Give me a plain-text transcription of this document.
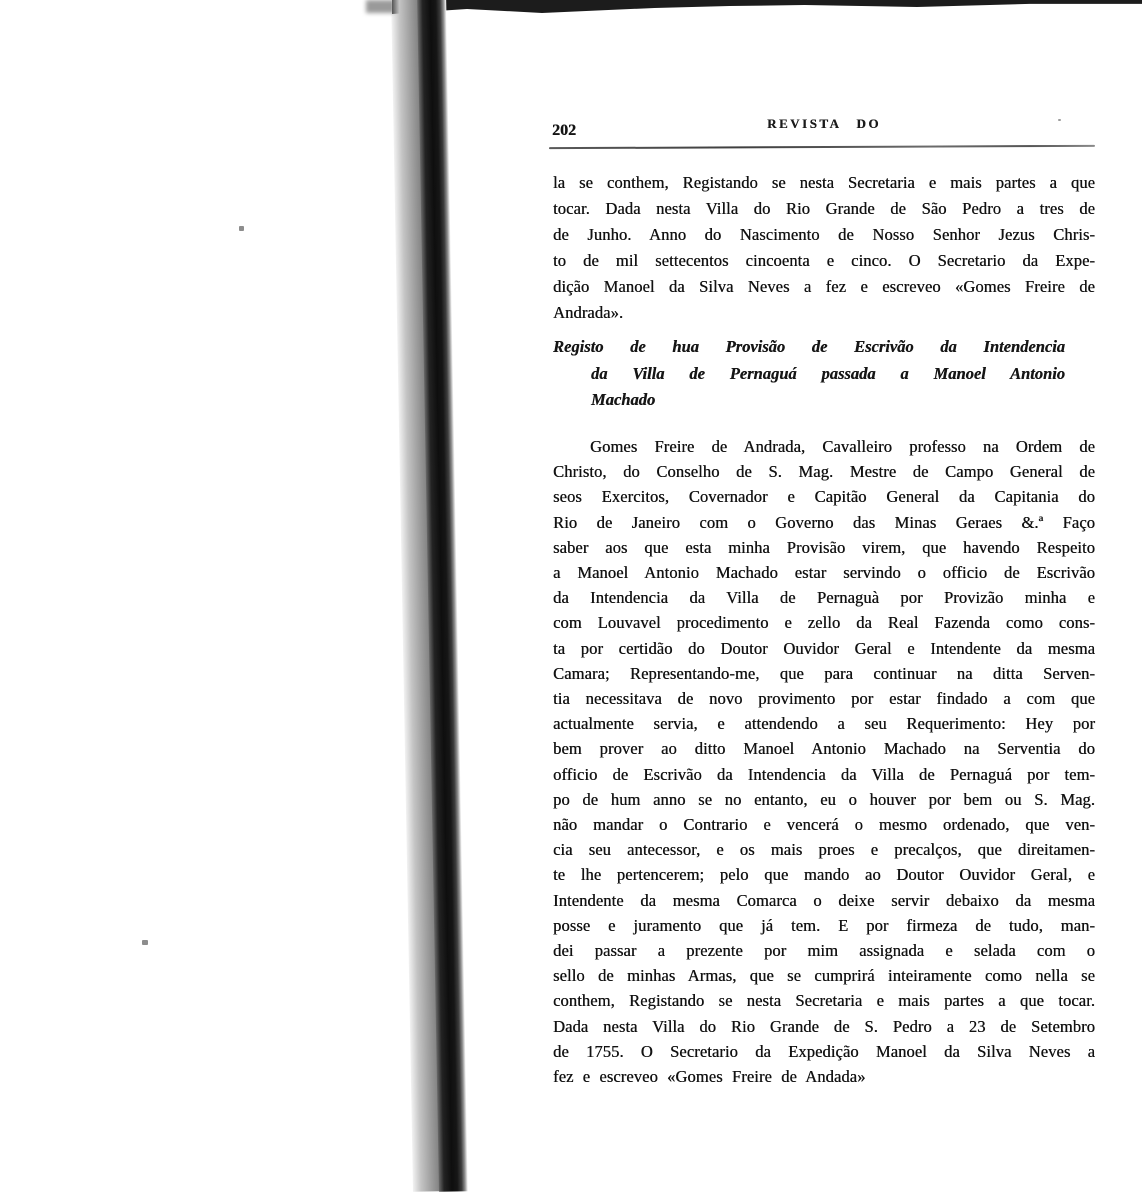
202	REVISTA DO
la se conthem, Registando se nesta Secretaria e mais partes a que
tocar. Dada nesta Villa do Rio Grande de São Pedro a tres de
de Junho. Anno do Nascimento de Nosso Senhor Jezus Chris-
to de mil settecentos cincoenta e cinco. O Secretario da Expe-
dição Manoel da Silva Neves a fez e escreveo «Gomes Freire de
Andrada».
Registo de hua Provisão de Escrivão da Intendencia
da Villa de Pernaguá passada a Manoel Antonio
Machado
Gomes Freire de Andrada, Cavalleiro professo na Ordem de
Christo, do Conselho de S. Mag. Mestre de Campo General de
seos Exercitos, Covernador e Capitão General da Capitania do
Rio de Janeiro com o Governo das Minas Geraes &.ª Faço
saber aos que esta minha Provisão virem, que havendo Respeito
a Manoel Antonio Machado estar servindo o officio de Escrivão
da Intendencia da Villa de Pernaguà por Provizão minha e
com Louvavel procedimento e zello da Real Fazenda como cons-
ta por certidão do Doutor Ouvidor Geral e Intendente da mesma
Camara; Representando-me, que para continuar na ditta Serven-
tia necessitava de novo provimento por estar findado a com que
actualmente servia, e attendendo a seu Requerimento: Hey por
bem prover ao ditto Manoel Antonio Machado na Serventia do
officio de Escrivão da Intendencia da Villa de Pernaguá por tem-
po de hum anno se no entanto, eu o houver por bem ou S. Mag.
não mandar o Contrario e vencerá o mesmo ordenado, que ven-
cia seu antecessor, e os mais proes e precalços, que direitamen-
te lhe pertencerem; pelo que mando ao Doutor Ouvidor Geral, e
Intendente da mesma Comarca o deixe servir debaixo da mesma
posse e juramento que já tem. E por firmeza de tudo, man-
dei passar a prezente por mim assignada e selada com o
sello de minhas Armas, que se cumprirá inteiramente como nella se
conthem, Registando se nesta Secretaria e mais partes a que tocar.
Dada nesta Villa do Rio Grande de S. Pedro a 23 de Setembro
de 1755. O Secretario da Expedição Manoel da Silva Neves a
fez e escreveo «Gomes Freire de Andada»
